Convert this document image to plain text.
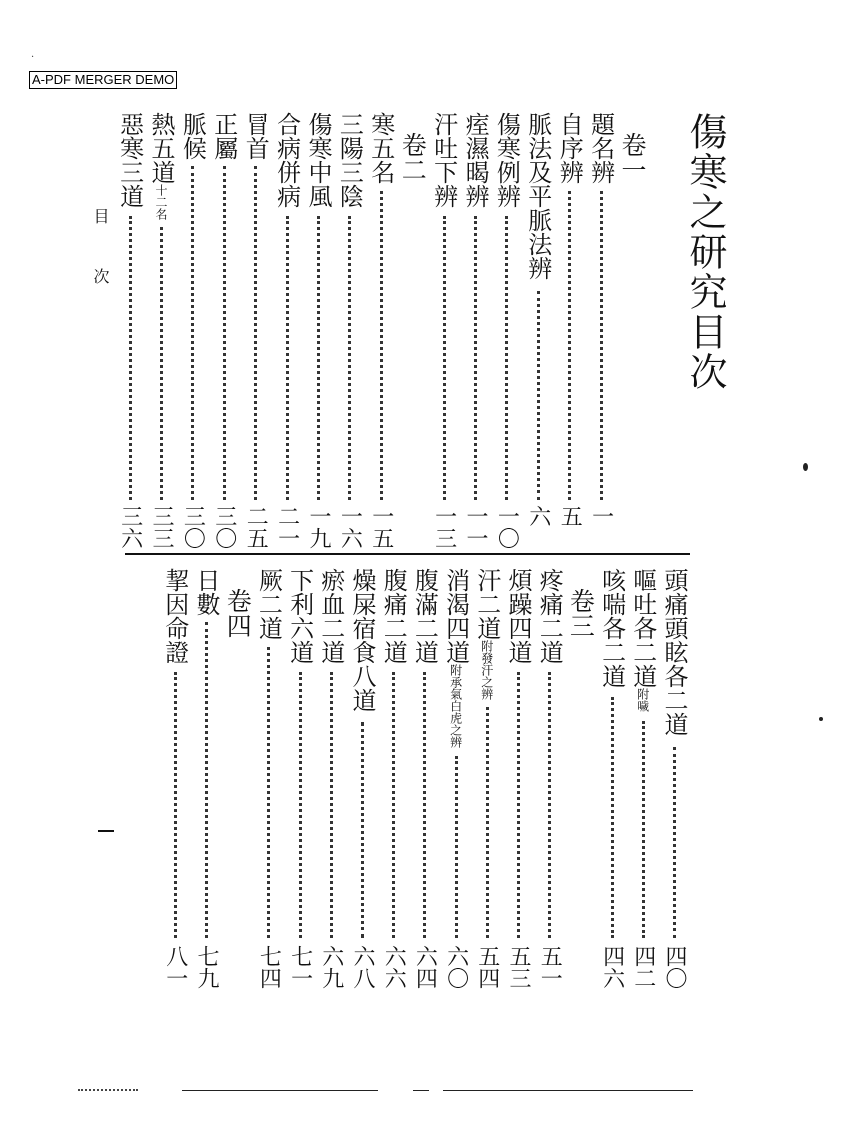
A-PDF MERGER DEMO
·
傷寒之研究目次
卷一
題名辨
一
自序辨
五
脈法及平脈法辨
六
傷寒例辨
一〇
痓濕暍辨
一一
汗吐下辨
一三
卷二
寒五名
一五
三陽三陰
一六
傷寒中風
一九
合病併病
二一
冒首
二五
正屬
三〇
脈候
三〇
熱五道十二名
三三
惡寒三道
三六
頭痛頭眩各二道
四〇
嘔吐各二道附噦
四二
咳喘各二道
四六
卷三
疼痛二道
五一
煩躁四道
五三
汗二道附發汗之辨
五四
消渴四道附承氣白虎之辨
六〇
腹滿二道
六四
腹痛二道
六六
燥屎宿食八道
六八
瘀血二道
六九
下利六道
七一
厥二道
七四
卷四
日數
七九
挈因命證
八一
目
次
